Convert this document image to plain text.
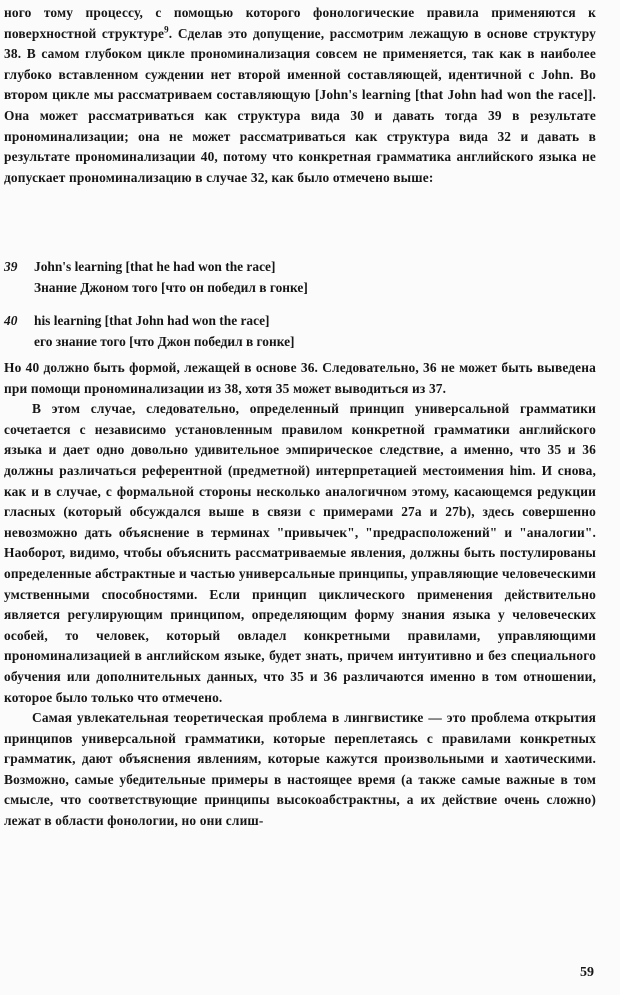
ного тому процессу, с помощью которого фонологические правила применяются к поверхностной структуре$^9$. Сделав это допущение, рассмотрим лежащую в основе структуру 38. В самом глубоком цикле прономинализация совсем не применяется, так как в наиболее глубоко вставленном суждении нет второй именной составляющей, идентичной с John. Во втором цикле мы рассматриваем составляющую [John's learning [that John had won the race]]. Она может рассматриваться как структура вида 30 и давать тогда 39 в результате прономинализации; она не может рассматриваться как структура вида 32 и давать в результате прономинализации 40, потому что конкретная грамматика английского языка не допускает прономинализацию в случае 32, как было отмечено выше:

39	John's learning [that he had won the race]
Знание Джоном того [что он победил в гонке]
40	his learning [that John had won the race]
его знание того [что Джон победил в гонке]

Но 40 должно быть формой, лежащей в основе 36. Следовательно, 36 не может быть выведена при помощи прономинализации из 38, хотя 35 может выводиться из 37.

В этом случае, следовательно, определенный принцип универсальной грамматики сочетается с независимо установленным правилом конкретной грамматики английского языка и дает одно довольно удивительное эмпирическое следствие, а именно, что 35 и 36 должны различаться референтной (предметной) интерпретацией местоимения him. И снова, как и в случае, с формальной стороны несколько аналогичном этому, касающемся редукции гласных (который обсуждался выше в связи с примерами 27a и 27b), здесь совершенно невозможно дать объяснение в терминах "привычек", "предрасположений" и "аналогии". Наоборот, видимо, чтобы объяснить рассматриваемые явления, должны быть постулированы определенные абстрактные и частью универсальные принципы, управляющие человеческими умственными способностями. Если принцип циклического применения действительно является регулирующим принципом, определяющим форму знания языка у человеческих особей, то человек, который овладел конкретными правилами, управляющими прономинализацией в английском языке, будет знать, причем интуитивно и без специального обучения или дополнительных данных, что 35 и 36 различаются именно в том отношении, которое было только что отмечено.

Самая увлекательная теоретическая проблема в лингвистике — это проблема открытия принципов универсальной грамматики, которые переплетаясь с правилами конкретных грамматик, дают объяснения явлениям, которые кажутся произвольными и хаотическими. Возможно, самые убедительные примеры в настоящее время (а также самые важные в том смысле, что соответствующие принципы высокоабстрактны, а их действие очень сложно) лежат в области фонологии, но они слиш-

59
